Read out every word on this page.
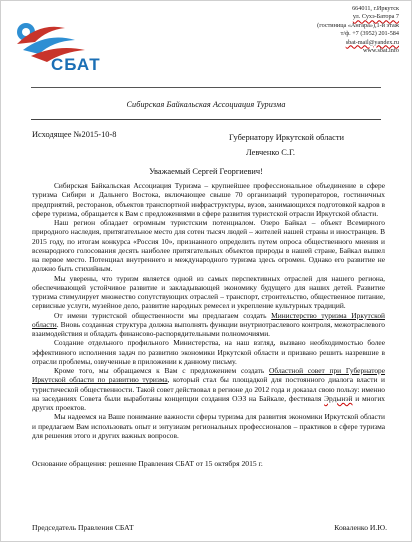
СБАТ
664011, г.Иркутск
ул. Сухэ-Батора 7
(гостиница «Ангара»),1-й этаж
т/ф. +7 (3952) 201-584
sbat-mail@yandex.ru
www.sbat.info
Сибирская Байкальская Ассоциация Туризма
Исходящее №2015-10-8	Губернатору Иркутской области
Левченко С.Г.
Уважаемый Сергей Георгиевич!

Сибирская Байкальская Ассоциация Туризма – крупнейшее профессиональное объединение в сфере туризма Сибири и Дальнего Востока, включающее свыше 70 организаций туроператоров, гостиничных предприятий, ресторанов, объектов транспортной инфраструктуры, вузов, занимающихся подготовкой кадров в сфере туризма, обращается к Вам с предложениями в сфере развития туристской отрасли Иркутской области.

Наш регион обладает огромным туристским потенциалом. Озеро Байкал – объект Всемирного природного наследия, притягательное место для сотен тысяч людей – жителей нашей страны и иностранцев. В 2015 году, по итогам конкурса «Россия 10», признанного определить путем опроса общественного мнения и всенародного голосования десять наиболее притягательных объектов природы в нашей стране, Байкал вышел на первое место. Потенциал внутреннего и международного туризма здесь огромен. Однако его развитие не должно быть стихийным.

Мы уверены, что туризм является одной из самых перспективных отраслей для нашего региона, обеспечивающей устойчивое развитие и закладывающей экономику будущего для наших детей. Развитие туризма стимулирует множество сопутствующих отраслей – транспорт, строительство, общественное питание, сервисные услуги, музейное дело, развитие народных ремесел и укрепление культурных традиций.

От имени туристской общественности мы предлагаем создать Министерство туризма Иркутской области. Вновь созданная структура должна выполнять функции внутриотраслевого контроля, межотраслевого взаимодействия и обладать финансово-распорядительными полномочиями.

Создание отдельного профильного Министерства, на наш взгляд, вызвано необходимостью более эффективного исполнения задач по развитию экономики Иркутской области и призвано решить назревшие в отрасли проблемы, озвученные в приложении к данному письму.

Кроме того, мы обращаемся к Вам с предложением создать Областной совет при Губернаторе Иркутской области по развитию туризма, который стал бы площадкой для постоянного диалога власти и туристической общественности. Такой совет действовал в регионе до 2012 года и доказал свою пользу: именно на заседаниях Совета были выработаны концепции создания ОЭЗ на Байкале, фестиваля Эрдынэй и многих других проектов.

Мы надеемся на Ваше понимание важности сферы туризма для развития экономики Иркутской области и предлагаем Вам использовать опыт и энтузиазм региональных профессионалов – практиков в сфере туризма для решения этого и других важных вопросов.

Основание обращения: решение Правления СБАТ от 15 октября 2015 г.
Председатель Правления СБАТ	Коваленко И.Ю.
